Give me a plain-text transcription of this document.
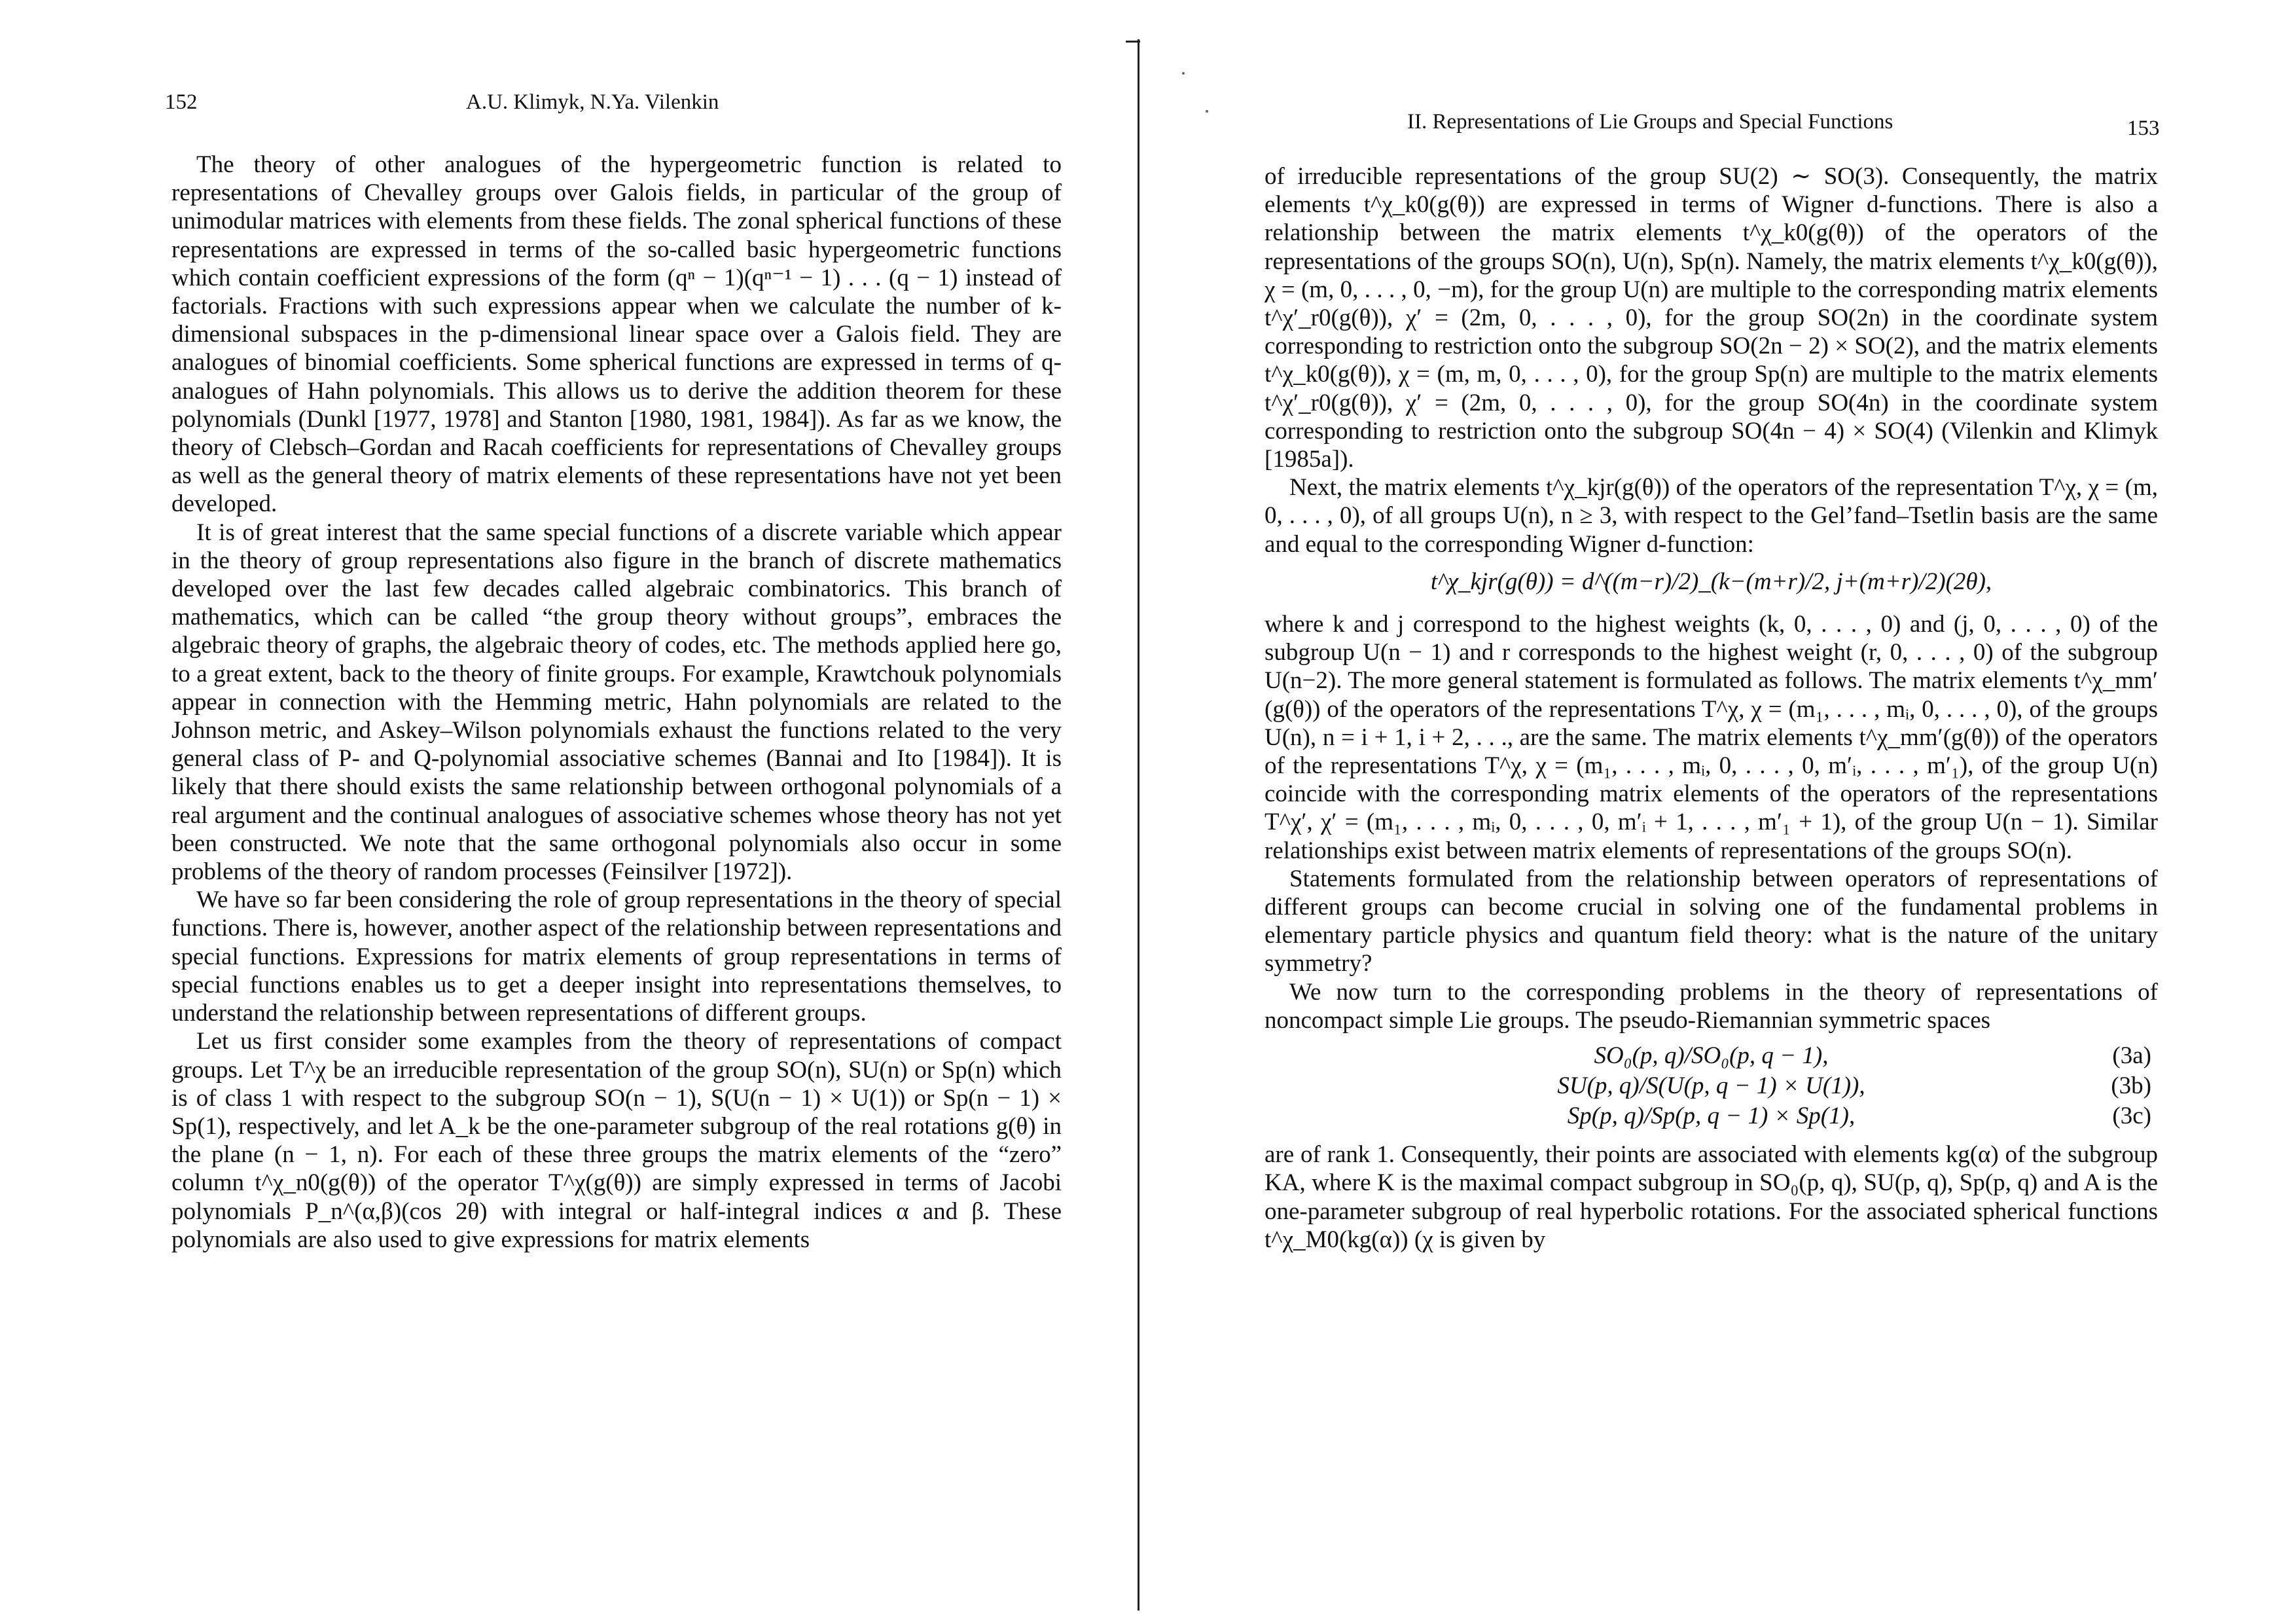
152	A.U. Klimyk, N.Ya. Vilenkin

The theory of other analogues of the hypergeometric function is related to representations of Chevalley groups over Galois fields, in particular of the group of unimodular matrices with elements from these fields. The zonal spherical functions of these representations are expressed in terms of the so-called basic hypergeometric functions which contain coefficient expressions of the form (qⁿ − 1)(qⁿ⁻¹ − 1) . . . (q − 1) instead of factorials. Fractions with such expressions appear when we calculate the number of k-dimensional subspaces in the p-dimensional linear space over a Galois field. They are analogues of binomial coefficients. Some spherical functions are expressed in terms of q-analogues of Hahn polynomials. This allows us to derive the addition theorem for these polynomials (Dunkl [1977, 1978] and Stanton [1980, 1981, 1984]). As far as we know, the theory of Clebsch–Gordan and Racah coefficients for representations of Chevalley groups as well as the general theory of matrix elements of these representations have not yet been developed.

It is of great interest that the same special functions of a discrete variable which appear in the theory of group representations also figure in the branch of discrete mathematics developed over the last few decades called algebraic combinatorics. This branch of mathematics, which can be called “the group theory without groups”, embraces the algebraic theory of graphs, the algebraic theory of codes, etc. The methods applied here go, to a great extent, back to the theory of finite groups. For example, Krawtchouk polynomials appear in connection with the Hemming metric, Hahn polynomials are related to the Johnson metric, and Askey–Wilson polynomials exhaust the functions related to the very general class of P- and Q-polynomial associative schemes (Bannai and Ito [1984]). It is likely that there should exists the same relationship between orthogonal polynomials of a real argument and the continual analogues of associative schemes whose theory has not yet been constructed. We note that the same orthogonal polynomials also occur in some problems of the theory of random processes (Feinsilver [1972]).

We have so far been considering the role of group representations in the theory of special functions. There is, however, another aspect of the relationship between representations and special functions. Expressions for matrix elements of group representations in terms of special functions enables us to get a deeper insight into representations themselves, to understand the relationship between representations of different groups.

Let us first consider some examples from the theory of representations of compact groups. Let T^χ be an irreducible representation of the group SO(n), SU(n) or Sp(n) which is of class 1 with respect to the subgroup SO(n − 1), S(U(n − 1) × U(1)) or Sp(n − 1) × Sp(1), respectively, and let A_k be the one-parameter subgroup of the real rotations g(θ) in the plane (n − 1, n). For each of these three groups the matrix elements of the “zero” column t^χ_n0(g(θ)) of the operator T^χ(g(θ)) are simply expressed in terms of Jacobi polynomials P_n^(α,β)(cos 2θ) with integral or half-integral indices α and β. These polynomials are also used to give expressions for matrix elements

II. Representations of Lie Groups and Special Functions	153

of irreducible representations of the group SU(2) ∼ SO(3). Consequently, the matrix elements t^χ_k0(g(θ)) are expressed in terms of Wigner d-functions. There is also a relationship between the matrix elements t^χ_k0(g(θ)) of the operators of the representations of the groups SO(n), U(n), Sp(n). Namely, the matrix elements t^χ_k0(g(θ)), χ = (m, 0, . . . , 0, −m), for the group U(n) are multiple to the corresponding matrix elements t^χ′_r0(g(θ)), χ′ = (2m, 0, . . . , 0), for the group SO(2n) in the coordinate system corresponding to restriction onto the subgroup SO(2n − 2) × SO(2), and the matrix elements t^χ_k0(g(θ)), χ = (m, m, 0, . . . , 0), for the group Sp(n) are multiple to the matrix elements t^χ′_r0(g(θ)), χ′ = (2m, 0, . . . , 0), for the group SO(4n) in the coordinate system corresponding to restriction onto the subgroup SO(4n − 4) × SO(4) (Vilenkin and Klimyk [1985a]).

Next, the matrix elements t^χ_kjr(g(θ)) of the operators of the representation T^χ, χ = (m, 0, . . . , 0), of all groups U(n), n ≥ 3, with respect to the Gel’fand–Tsetlin basis are the same and equal to the corresponding Wigner d-function:

t^χ_kjr(g(θ)) = d^((m−r)/2)_(k−(m+r)/2, j+(m+r)/2)(2θ),

where k and j correspond to the highest weights (k, 0, . . . , 0) and (j, 0, . . . , 0) of the subgroup U(n − 1) and r corresponds to the highest weight (r, 0, . . . , 0) of the subgroup U(n−2). The more general statement is formulated as follows. The matrix elements t^χ_mm′(g(θ)) of the operators of the representations T^χ, χ = (m₁, . . . , mᵢ, 0, . . . , 0), of the groups U(n), n = i + 1, i + 2, . . ., are the same. The matrix elements t^χ_mm′(g(θ)) of the operators of the representations T^χ, χ = (m₁, . . . , mᵢ, 0, . . . , 0, m′ᵢ, . . . , m′₁), of the group U(n) coincide with the corresponding matrix elements of the operators of the representations T^χ′, χ′ = (m₁, . . . , mᵢ, 0, . . . , 0, m′ᵢ + 1, . . . , m′₁ + 1), of the group U(n − 1). Similar relationships exist between matrix elements of representations of the groups SO(n).

Statements formulated from the relationship between operators of representations of different groups can become crucial in solving one of the fundamental problems in elementary particle physics and quantum field theory: what is the nature of the unitary symmetry?

We now turn to the corresponding problems in the theory of representations of noncompact simple Lie groups. The pseudo-Riemannian symmetric spaces

SO₀(p, q)/SO₀(p, q − 1),	(3a)
SU(p, q)/S(U(p, q − 1) × U(1)),	(3b)
Sp(p, q)/Sp(p, q − 1) × Sp(1),	(3c)

are of rank 1. Consequently, their points are associated with elements kg(α) of the subgroup KA, where K is the maximal compact subgroup in SO₀(p, q), SU(p, q), Sp(p, q) and A is the one-parameter subgroup of real hyperbolic rotations. For the associated spherical functions t^χ_M0(kg(α)) (χ is given by
